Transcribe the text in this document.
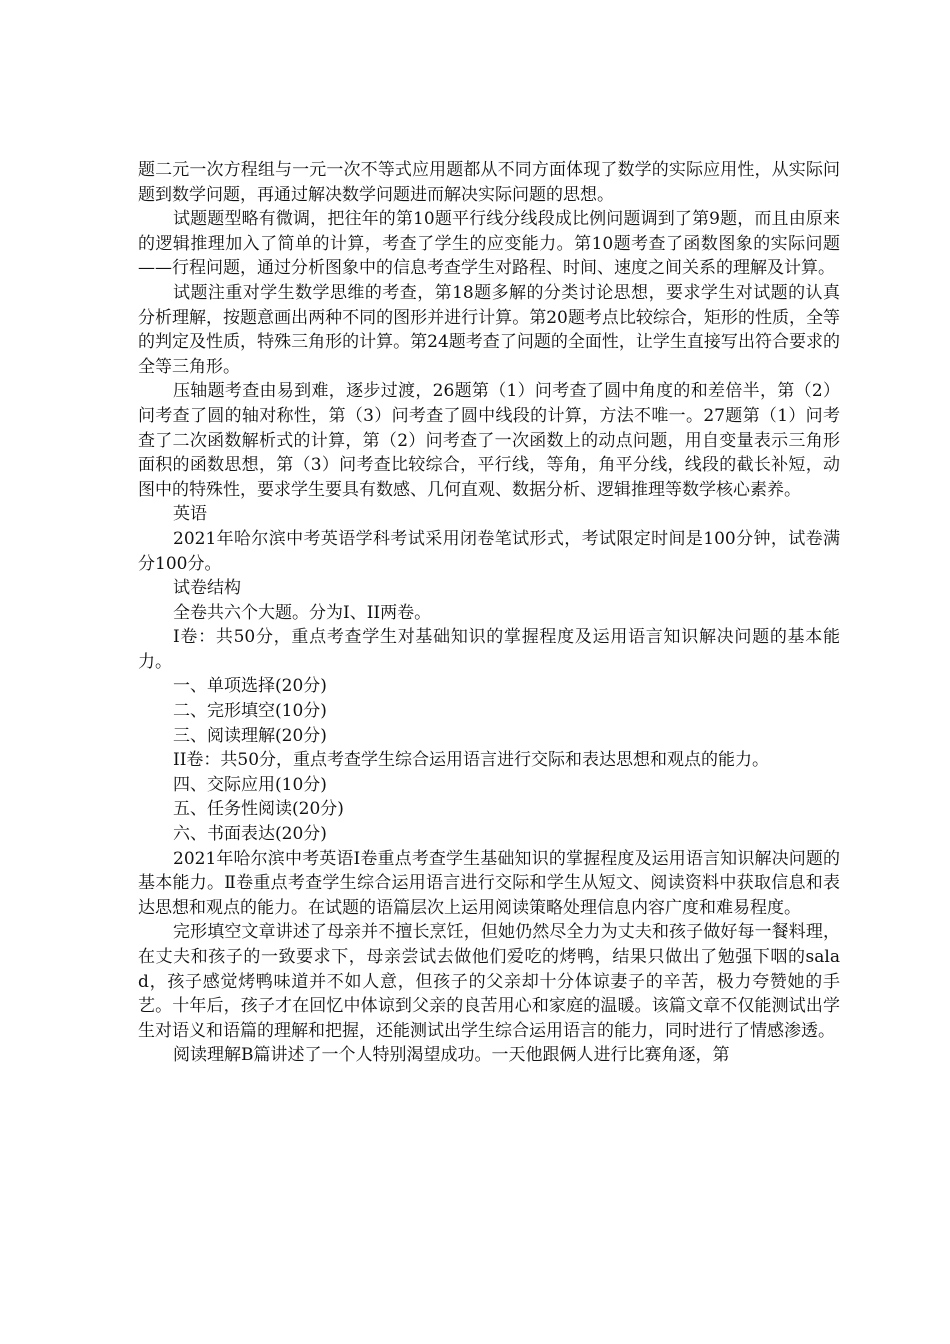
题二元一次方程组与一元一次不等式应用题都从不同方面体现了数学的实际应用性，从实际问题到数学问题，再通过解决数学问题进而解决实际问题的思想。

试题题型略有微调，把往年的第10题平行线分线段成比例问题调到了第9题，而且由原来的逻辑推理加入了简单的计算，考查了学生的应变能力。第10题考查了函数图象的实际问题——行程问题，通过分析图象中的信息考查学生对路程、时间、速度之间关系的理解及计算。

试题注重对学生数学思维的考查，第18题多解的分类讨论思想，要求学生对试题的认真分析理解，按题意画出两种不同的图形并进行计算。第20题考点比较综合，矩形的性质，全等的判定及性质，特殊三角形的计算。第24题考查了问题的全面性，让学生直接写出符合要求的全等三角形。

压轴题考查由易到难，逐步过渡，26题第（1）问考查了圆中角度的和差倍半，第（2）问考查了圆的轴对称性，第（3）问考查了圆中线段的计算，方法不唯一。27题第（1）问考查了二次函数解析式的计算，第（2）问考查了一次函数上的动点问题，用自变量表示三角形面积的函数思想，第（3）问考查比较综合，平行线，等角，角平分线，线段的截长补短，动图中的特殊性，要求学生要具有数感、几何直观、数据分析、逻辑推理等数学核心素养。

英语

2021年哈尔滨中考英语学科考试采用闭卷笔试形式，考试限定时间是100分钟，试卷满分100分。

试卷结构

全卷共六个大题。分为I、II两卷。

I卷：共50分，重点考查学生对基础知识的掌握程度及运用语言知识解决问题的基本能力。

一、单项选择(20分)

二、完形填空(10分)

三、阅读理解(20分)

II卷：共50分，重点考查学生综合运用语言进行交际和表达思想和观点的能力。

四、交际应用(10分)

五、任务性阅读(20分)

六、书面表达(20分)

2021年哈尔滨中考英语Ⅰ卷重点考查学生基础知识的掌握程度及运用语言知识解决问题的基本能力。Ⅱ卷重点考查学生综合运用语言进行交际和学生从短文、阅读资料中获取信息和表达思想和观点的能力。在试题的语篇层次上运用阅读策略处理信息内容广度和难易程度。

完形填空文章讲述了母亲并不擅长烹饪，但她仍然尽全力为丈夫和孩子做好每一餐料理，在丈夫和孩子的一致要求下，母亲尝试去做他们爱吃的烤鸭，结果只做出了勉强下咽的salad，孩子感觉烤鸭味道并不如人意，但孩子的父亲却十分体谅妻子的辛苦，极力夸赞她的手艺。十年后，孩子才在回忆中体谅到父亲的良苦用心和家庭的温暖。该篇文章不仅能测试出学生对语义和语篇的理解和把握，还能测试出学生综合运用语言的能力，同时进行了情感渗透。

阅读理解B篇讲述了一个人特别渴望成功。一天他跟俩人进行比赛角逐，第
